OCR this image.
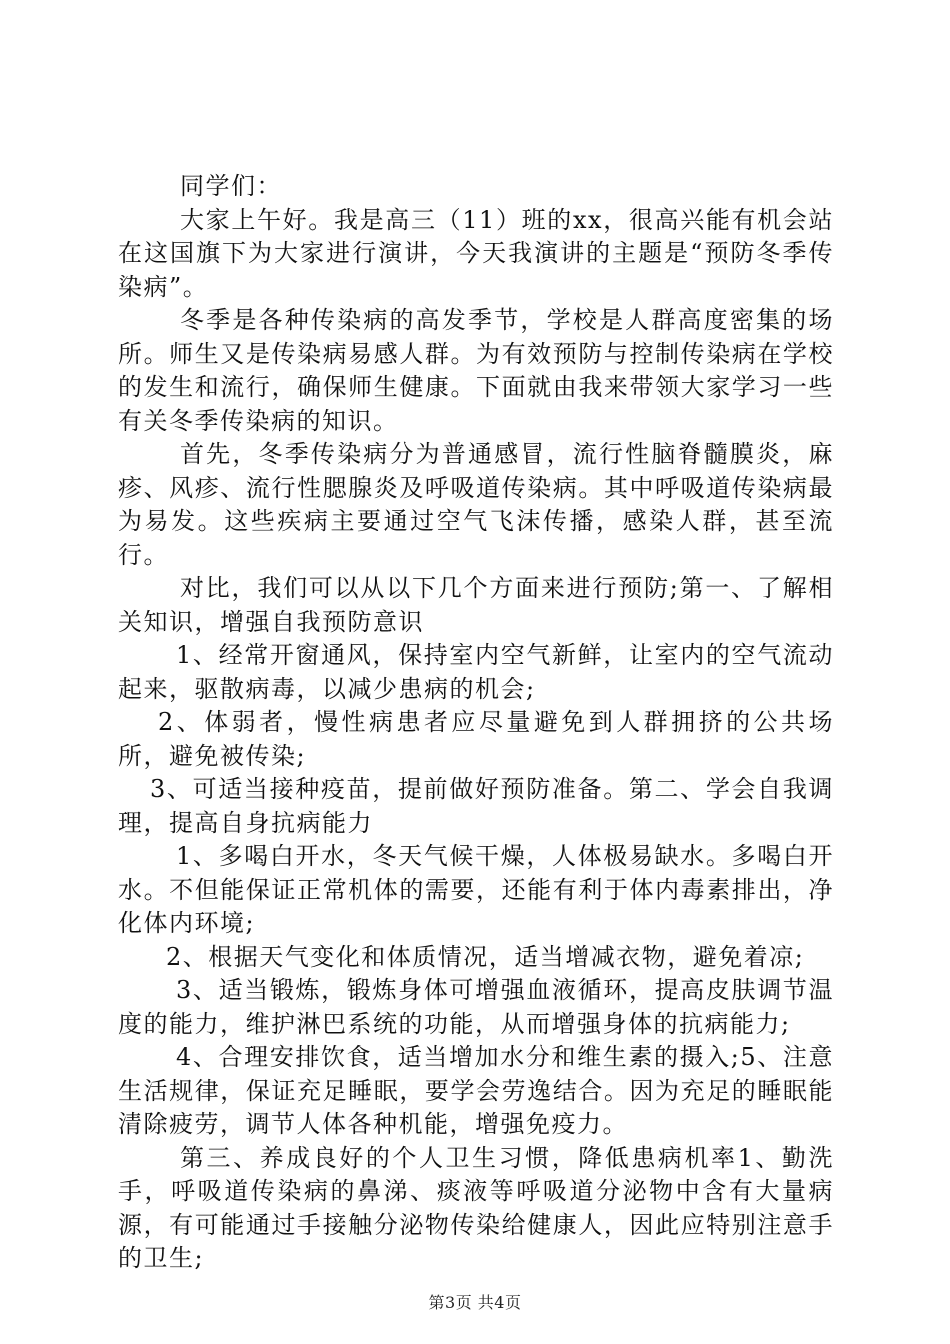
同学们：

大家上午好。我是高三（11）班的xx，很高兴能有机会站在这国旗下为大家进行演讲，今天我演讲的主题是“预防冬季传染病”。

冬季是各种传染病的高发季节，学校是人群高度密集的场所。师生又是传染病易感人群。为有效预防与控制传染病在学校的发生和流行，确保师生健康。下面就由我来带领大家学习一些有关冬季传染病的知识。

首先，冬季传染病分为普通感冒，流行性脑脊髓膜炎，麻疹、风疹、流行性腮腺炎及呼吸道传染病。其中呼吸道传染病最为易发。这些疾病主要通过空气飞沫传播，感染人群，甚至流行。

对比，我们可以从以下几个方面来进行预防;第一、了解相关知识，增强自我预防意识

1、经常开窗通风，保持室内空气新鲜，让室内的空气流动起来，驱散病毒，以减少患病的机会;

2、体弱者，慢性病患者应尽量避免到人群拥挤的公共场所，避免被传染;

3、可适当接种疫苗，提前做好预防准备。第二、学会自我调理，提高自身抗病能力

1、多喝白开水，冬天气候干燥，人体极易缺水。多喝白开水。不但能保证正常机体的需要，还能有利于体内毒素排出，净化体内环境;

2、根据天气变化和体质情况，适当增减衣物，避免着凉;

3、适当锻炼，锻炼身体可增强血液循环，提高皮肤调节温度的能力，维护淋巴系统的功能，从而增强身体的抗病能力;

4、合理安排饮食，适当增加水分和维生素的摄入;5、注意生活规律，保证充足睡眠，要学会劳逸结合。因为充足的睡眠能清除疲劳，调节人体各种机能，增强免疫力。

第三、养成良好的个人卫生习惯，降低患病机率1、勤洗手，呼吸道传染病的鼻涕、痰液等呼吸道分泌物中含有大量病源，有可能通过手接触分泌物传染给健康人，因此应特别注意手的卫生;

第3页 共4页
